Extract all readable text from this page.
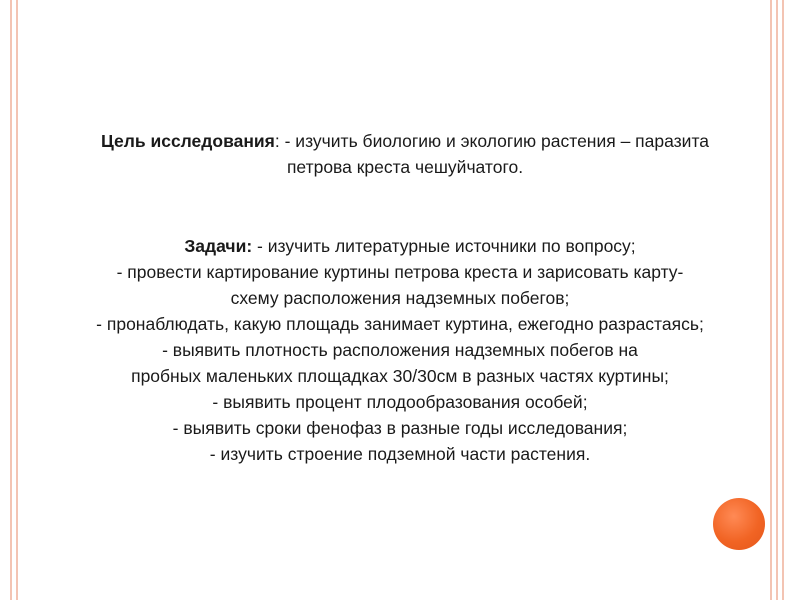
Цель исследования: - изучить биологию и экологию растения – паразита
петрова креста чешуйчатого.
Задачи: - изучить литературные источники по вопросу;
- провести картирование куртины петрова креста и зарисовать карту-
схему расположения надземных побегов;
- пронаблюдать, какую площадь занимает куртина, ежегодно разрастаясь;
- выявить плотность расположения надземных побегов на
пробных маленьких площадках 30/30см в разных частях куртины;
- выявить процент плодообразования особей;
- выявить сроки фенофаз в разные годы исследования;
- изучить строение подземной части растения.
